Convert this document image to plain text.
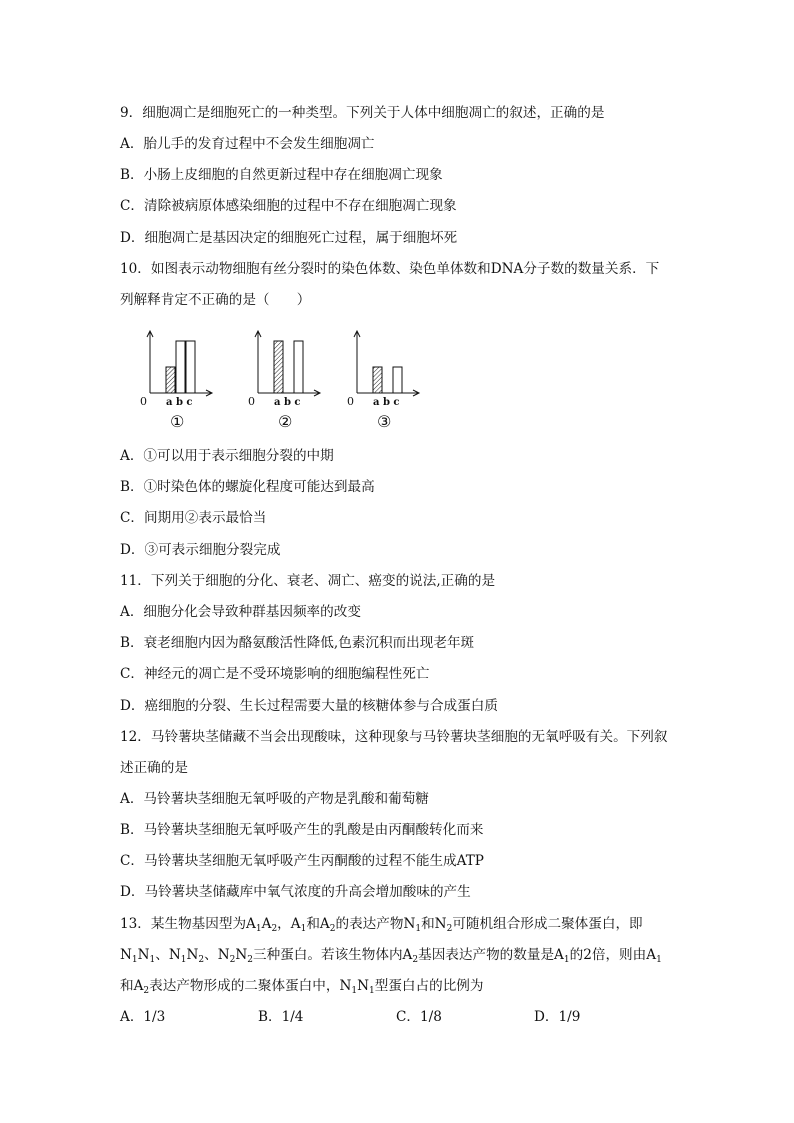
9．细胞凋亡是细胞死亡的一种类型。下列关于人体中细胞凋亡的叙述，正确的是
A．胎儿手的发育过程中不会发生细胞凋亡
B．小肠上皮细胞的自然更新过程中存在细胞凋亡现象
C．清除被病原体感染细胞的过程中不存在细胞凋亡现象
D．细胞凋亡是基因决定的细胞死亡过程，属于细胞坏死
10．如图表示动物细胞有丝分裂时的染色体数、染色单体数和DNA分子数的数量关系．下
列解释肯定不正确的是（　　）
0 a b c
①
0 a b c
②
0 a b c
③
A．①可以用于表示细胞分裂的中期
B．①时染色体的螺旋化程度可能达到最高
C．间期用②表示最恰当
D．③可表示细胞分裂完成
11．下列关于细胞的分化、衰老、凋亡、癌变的说法,正确的是
A．细胞分化会导致种群基因频率的改变
B．衰老细胞内因为酪氨酸活性降低,色素沉积而出现老年斑
C．神经元的凋亡是不受环境影响的细胞编程性死亡
D．癌细胞的分裂、生长过程需要大量的核糖体参与合成蛋白质
12．马铃薯块茎储藏不当会出现酸味，这种现象与马铃薯块茎细胞的无氧呼吸有关。下列叙
述正确的是
A．马铃薯块茎细胞无氧呼吸的产物是乳酸和葡萄糖
B．马铃薯块茎细胞无氧呼吸产生的乳酸是由丙酮酸转化而来
C．马铃薯块茎细胞无氧呼吸产生丙酮酸的过程不能生成ATP
D．马铃薯块茎储藏库中氧气浓度的升高会增加酸味的产生
13．某生物基因型为$A_1A_2$，$A_1$和$A_2$的表达产物$N_1$和$N_2$可随机组合形成二聚体蛋白，即
$N_1N_1$、$N_1N_2$、$N_2N_2$三种蛋白。若该生物体内$A_2$基因表达产物的数量是$A_1$的2倍，则由$A_1$
和$A_2$表达产物形成的二聚体蛋白中，$N_1N_1$型蛋白占的比例为
A．1/3	B．1/4	C．1/8	D．1/9
